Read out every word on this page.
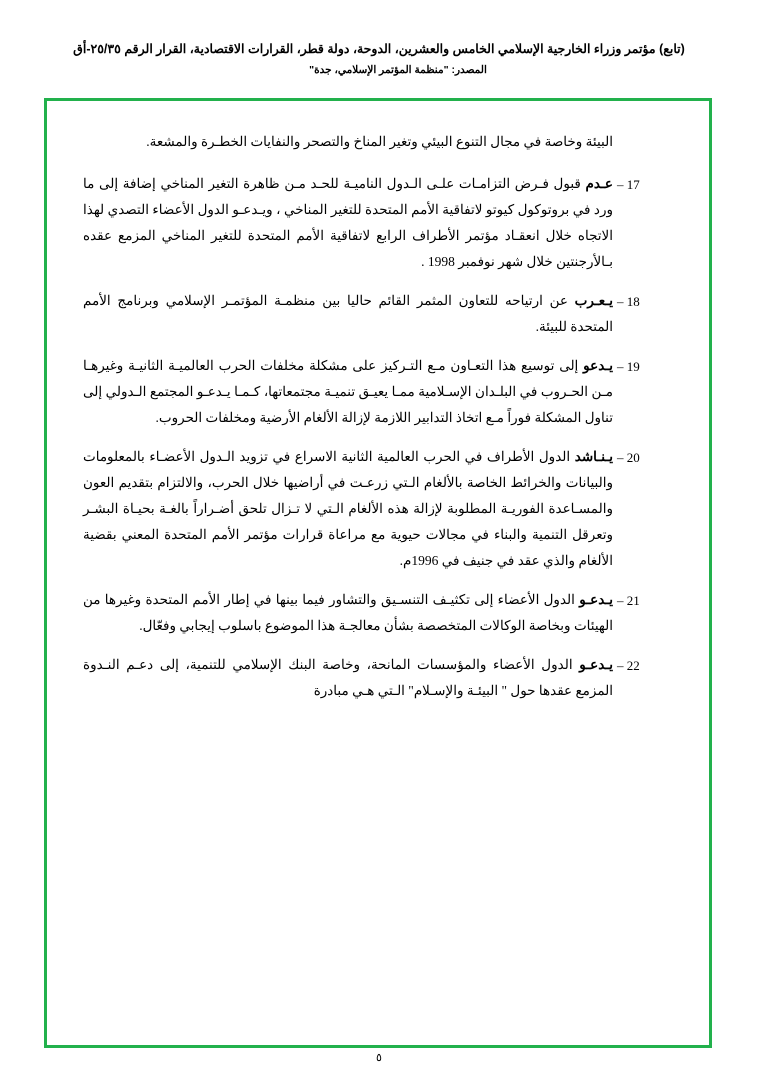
(تابع) مؤتمر وزراء الخارجية الإسلامي الخامس والعشرين، الدوحة، دولة قطر، القرارات الاقتصادية، القرار الرقم ٢٥/٣٥-أق
المصدر: "منظمة المؤتمر الإسلامي، جدة"
البيئة وخاصة في مجال التنوع البيئي وتغير المناخ والتصحر والنفايات الخطـرة والمشعة.
17 –
عـدم قبول فـرض التزامـات علـى الـدول الناميـة للحـد مـن ظاهرة التغير المناخي إضافة إلى ما ورد في بروتوكول كيوتو لاتفاقية الأمم المتحدة للتغير المناخي ، ويـدعـو الدول الأعضاء التصدي لهذا الاتجاه خلال انعقـاد مؤتمر الأطراف الرابع لاتفاقية الأمم المتحدة للتغير المناخي المزمع عقده بـالأرجنتين خلال شهر نوفمبر 1998 .
18 –
يـعـرب عن ارتياحه للتعاون المثمر القائم حاليا بين منظمـة المؤتمـر الإسلامي وبرنامج الأمم المتحدة للبيئة.
19 –
يـدعو إلى توسيع هذا التعـاون مـع التـركيز على مشكلة مخلفات الحرب العالميـة الثانيـة وغيرهـا مـن الحـروب في البلـدان الإسـلامية ممـا يعيـق تنميـة مجتمعاتها، كـمـا يـدعـو المجتمع الـدولي إلى تناول المشكلة فوراً مـع اتخاذ التدابير اللازمة لإزالة الألغام الأرضية ومخلفات الحروب.
20 –
يـنـاشد الدول الأطراف في الحرب العالمية الثانية الاسراع في تزويد الـدول الأعضـاء بالمعلومات والبيانات والخرائط الخاصة بالألغام الـتي زرعـت في أراضيها خلال الحرب، والالتزام بتقديم العون والمسـاعدة الفوريـة المطلوبة لإزالة هذه الألغام الـتي لا تـزال تلحق أضـراراً بالغـة بحيـاة البشـر وتعرقل التنمية والبناء في مجالات حيوية مع مراعاة قرارات مؤتمر الأمم المتحدة المعني بقضية الألغام والذي عقد في جنيف في 1996م.
21 –
يـدعـو الدول الأعضاء إلى تكثيـف التنسـيق والتشاور فيما بينها في إطار الأمم المتحدة وغيرها من الهيئات وبخاصة الوكالات المتخصصة بشأن معالجـة هذا الموضوع باسلوب إيجابي وفعّال.
22 –
يـدعـو الدول الأعضاء والمؤسسات المانحة، وخاصة البنك الإسلامي للتنمية، إلى دعـم النـدوة المزمع عقدها حول " البيئـة والإسـلام" الـتي هـي مبادرة
٥
